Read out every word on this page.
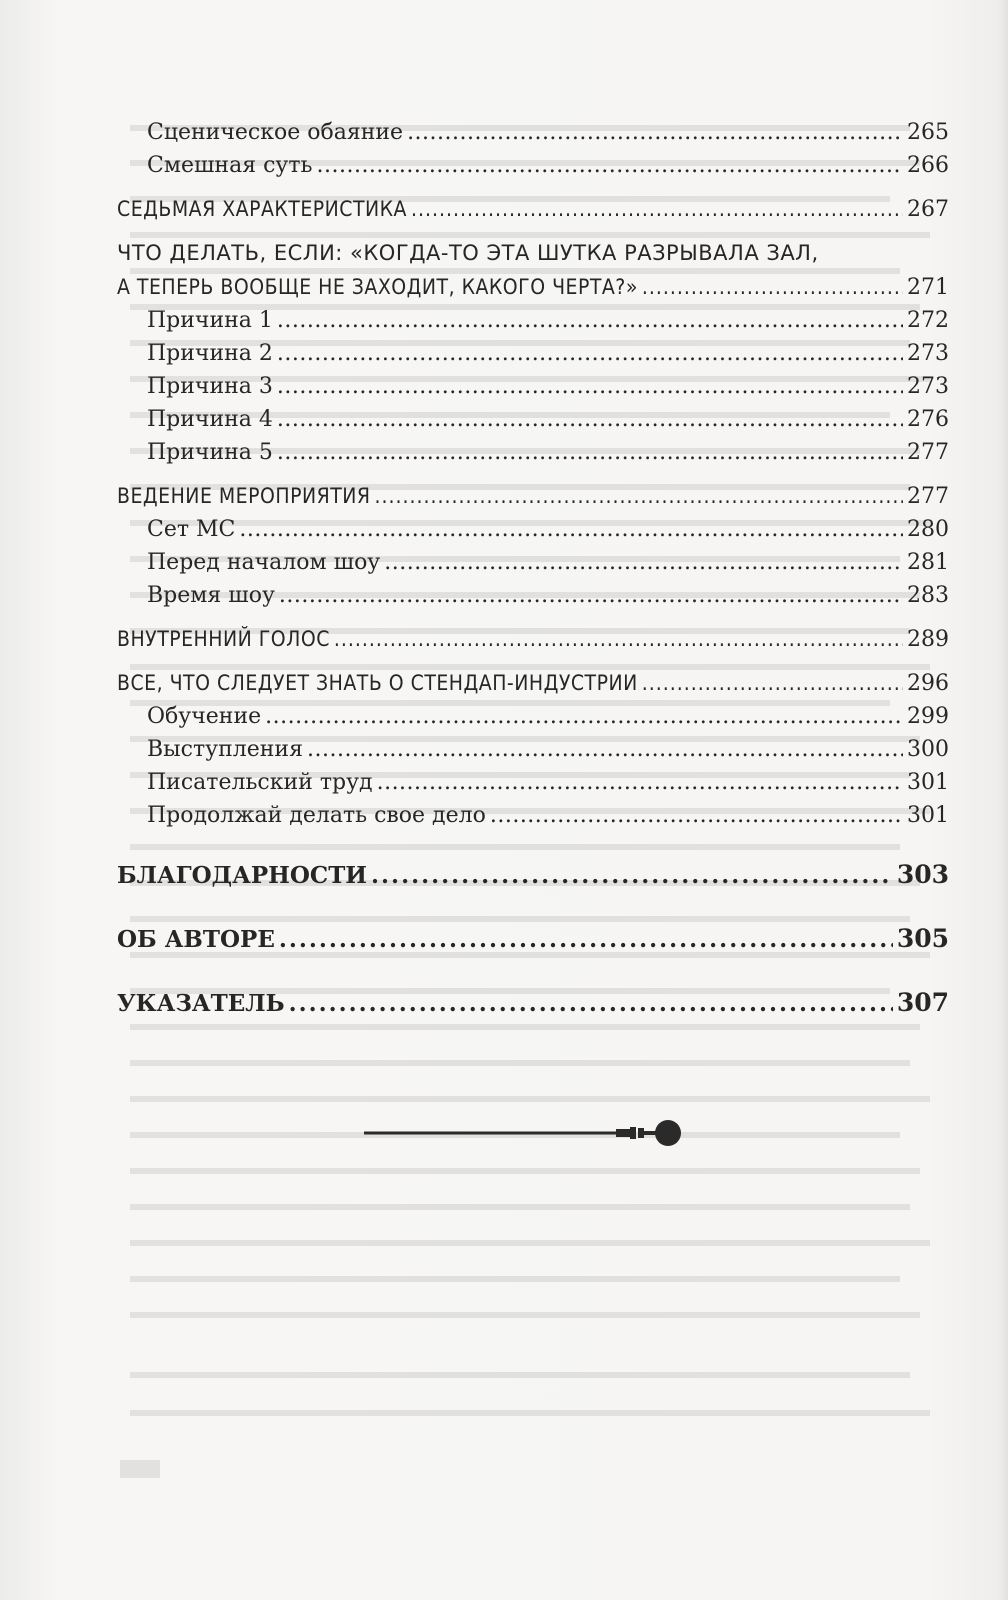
Сценическое обаяние .....	265
Смешная суть .....	266
СЕДЬМАЯ ХАРАКТЕРИСТИКА .....	267
ЧТО ДЕЛАТЬ, ЕСЛИ: «КОГДА-ТО ЭТА ШУТКА РАЗРЫВАЛА ЗАЛ,
А ТЕПЕРЬ ВООБЩЕ НЕ ЗАХОДИТ, КАКОГО ЧЕРТА?» .....	271
Причина 1 .....	272
Причина 2 .....	273
Причина 3 .....	273
Причина 4 .....	276
Причина 5 .....	277
ВЕДЕНИЕ МЕРОПРИЯТИЯ .....	277
Сет МС .....	280
Перед началом шоу .....	281
Время шоу .....	283
ВНУТРЕННИЙ ГОЛОС .....	289
ВСЕ, ЧТО СЛЕДУЕТ ЗНАТЬ О СТЕНДАП-ИНДУСТРИИ .....	296
Обучение .....	299
Выступления .....	300
Писательский труд .....	301
Продолжай делать свое дело .....	301
БЛАГОДАРНОСТИ .....	303
ОБ АВТОРЕ .....	305
УКАЗАТЕЛЬ .....	307
